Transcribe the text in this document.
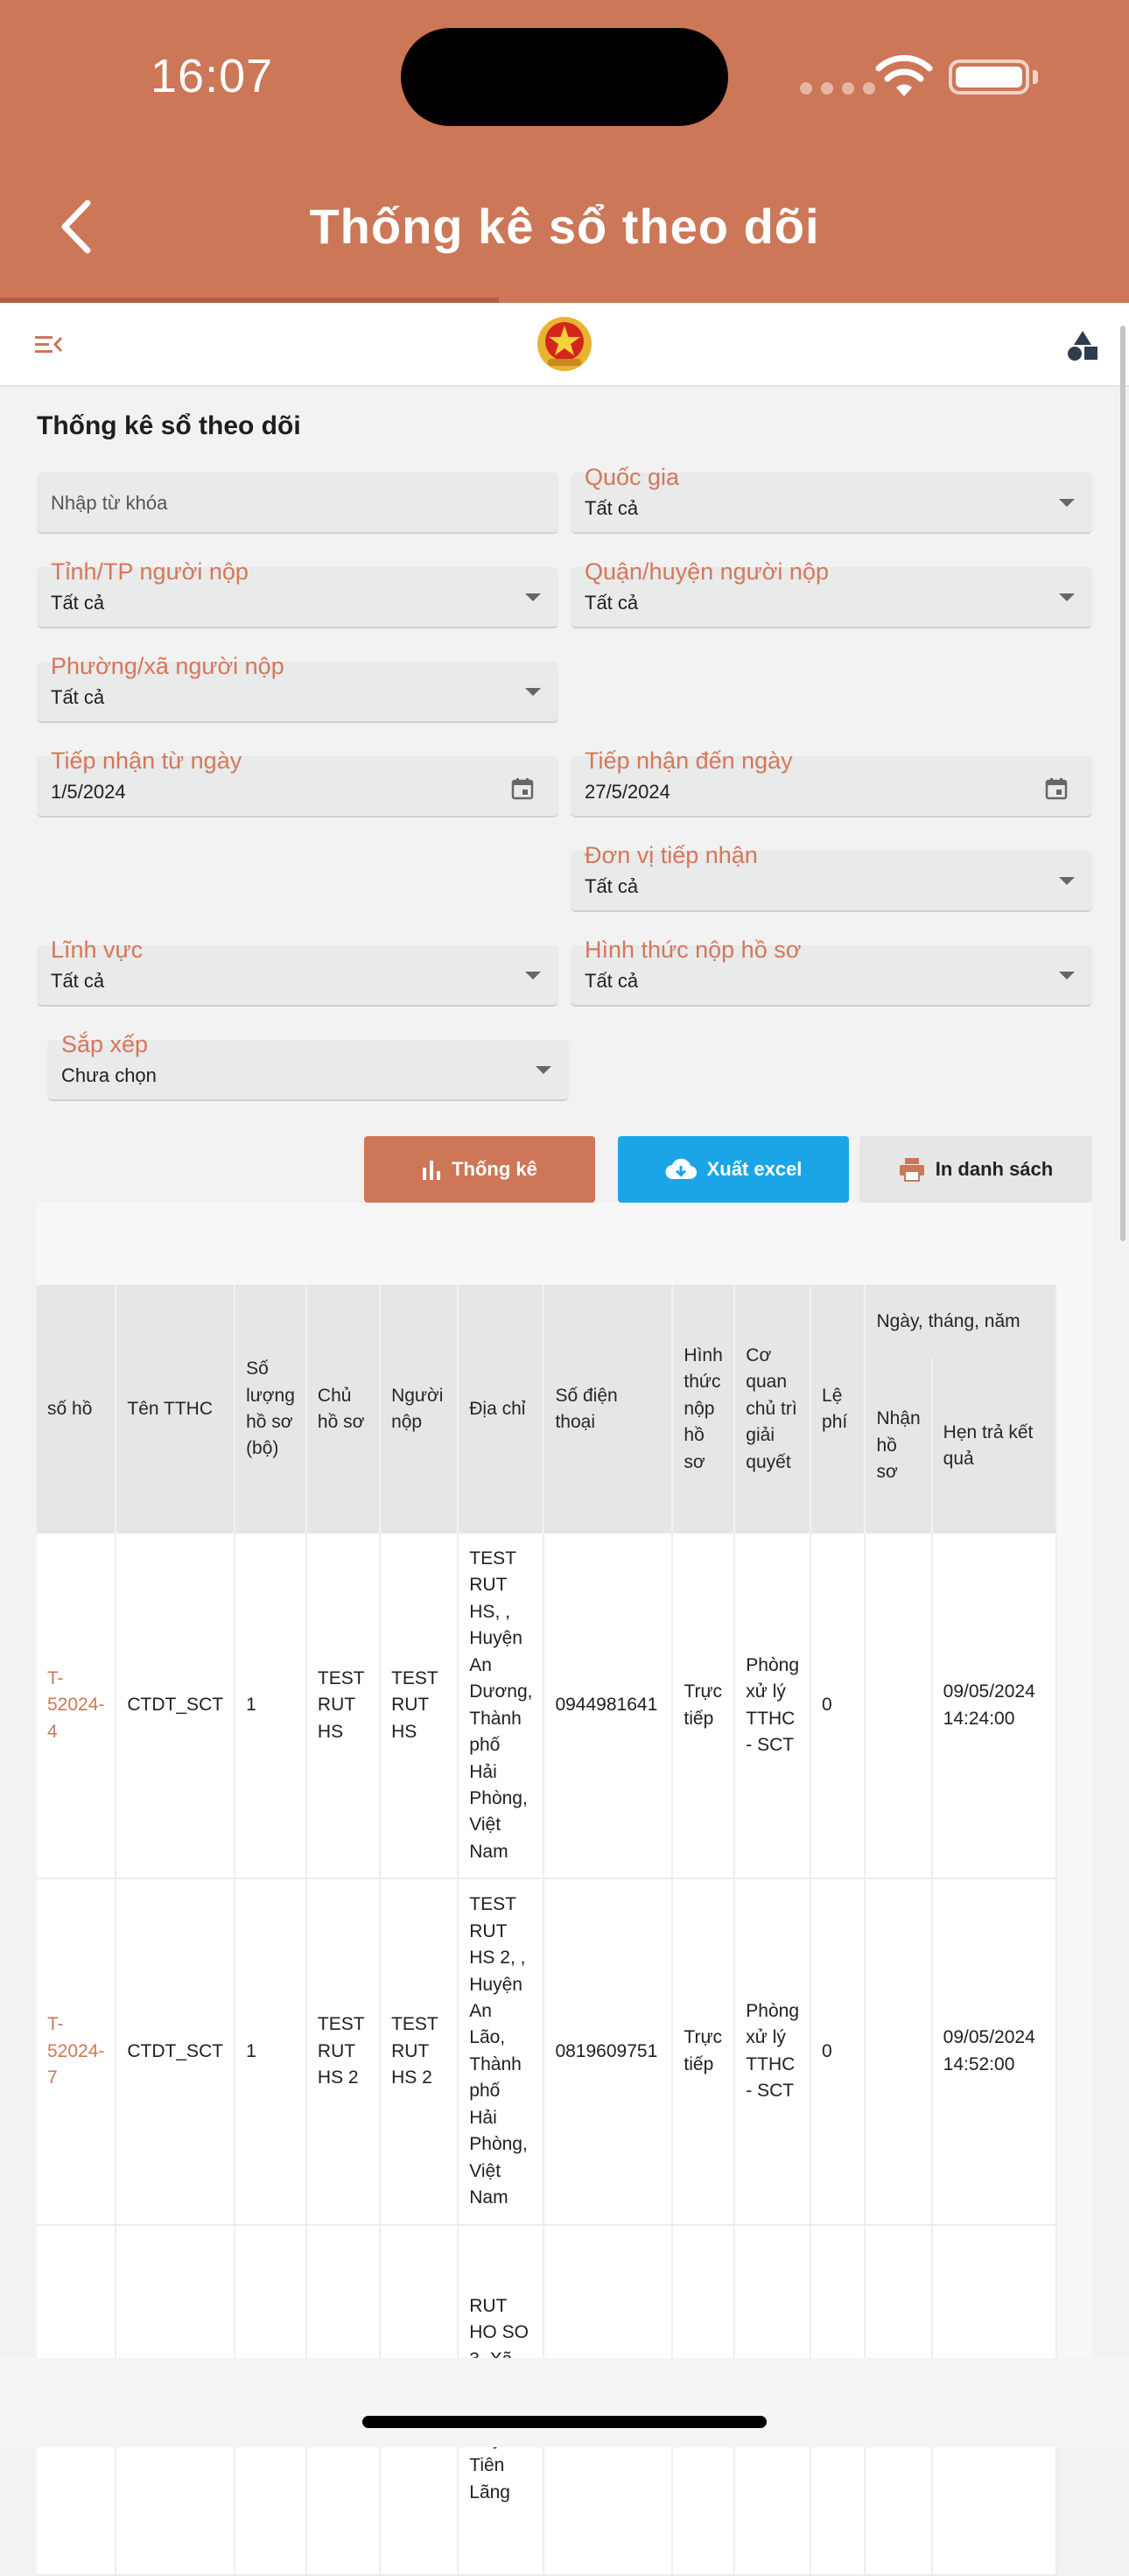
16:07
Thống kê sổ theo dõi
Thống kê sổ theo dõi
Nhập từ khóa
Quốc gia
Tất cả
Tỉnh/TP người nộp
Tất cả
Quận/huyện người nộp
Tất cả
Phường/xã người nộp
Tất cả
Tiếp nhận từ ngày
1/5/2024
Tiếp nhận đến ngày
27/5/2024
Đơn vị tiếp nhận
Tất cả
Lĩnh vực
Tất cả
Hình thức nộp hồ sơ
Tất cả
Sắp xếp
Chưa chọn
Thống kê	Xuất excel	In danh sách
số hồ	Tên TTHC	Số lượng hồ sơ (bộ)	Chủ hồ sơ	Người nộp	Địa chỉ	Số điện thoại	Hình thức nộp hồ sơ	Cơ quan chủ trì giải quyết	Lệ phí	Ngày, tháng, năm	
										Nhận hồ sơ	Hẹn trả kết quả
T-52024-4	CTDT_SCT	1	TEST RUT HS	TEST RUT HS	TEST RUT HS, , Huyện An Dương, Thành phố Hải Phòng, Việt Nam	0944981641	Trực tiếp	Phòng xử lý TTHC - SCT	0		09/05/2024 14:24:00
T-52024-7	CTDT_SCT	1	TEST RUT HS 2	TEST RUT HS 2	TEST RUT HS 2, , Huyện An Lão, Thành phố Hải Phòng, Việt Nam	0819609751	Trực tiếp	Phòng xử lý TTHC - SCT	0		09/05/2024 14:52:00
					RUT HO SO Tiên Lãng						
